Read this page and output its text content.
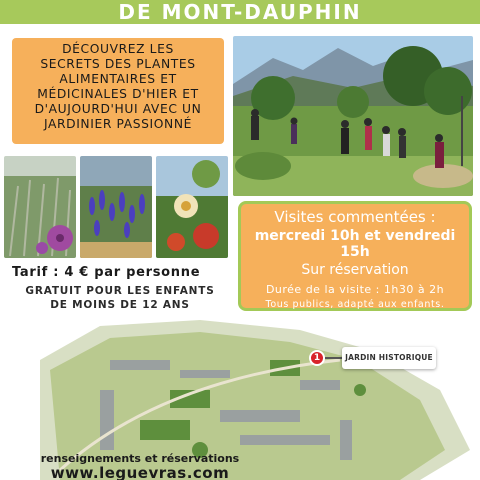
DE MONT-DAUPHIN
DÉCOUVREZ LES
SECRETS DES PLANTES
ALIMENTAIRES ET
MÉDICINALES D'HIER ET
D'AUJOURD'HUI AVEC UN
JARDINIER PASSIONNÉ
Tarif : 4 € par personne
GRATUIT POUR LES ENFANTS
DE MOINS DE 12 ANS
Visites commentées :
mercredi 10h et vendredi 15h
Sur réservation
Durée de la visite : 1h30 à 2h
Tous publics, adapté aux enfants.
1	JARDIN HISTORIQUE
renseignements et réservations
www.leguevras.com
